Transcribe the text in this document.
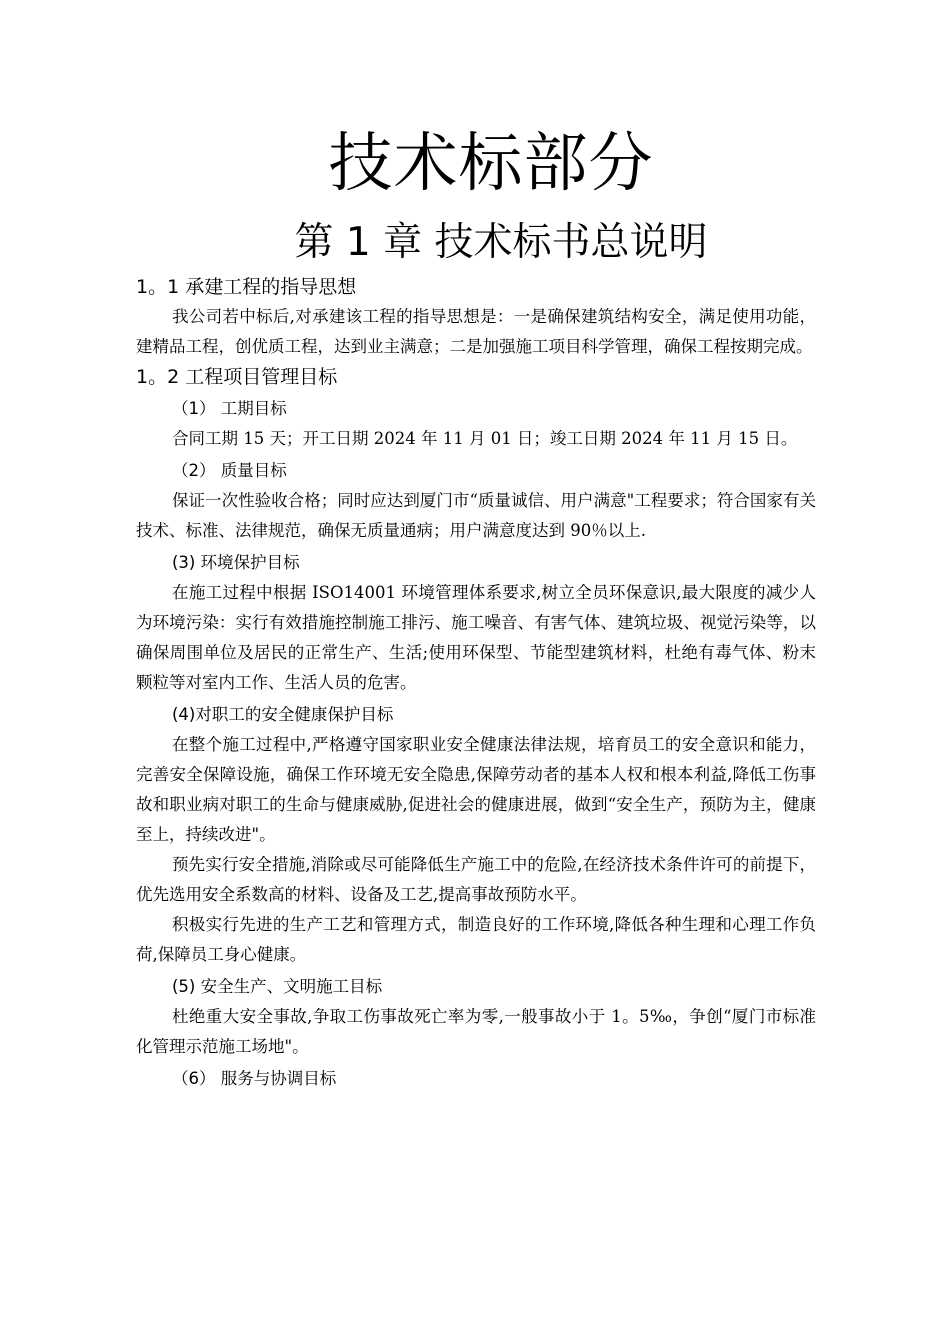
技术标部分
第 1 章 技术标书总说明
1。1 承建工程的指导思想

我公司若中标后,对承建该工程的指导思想是：一是确保建筑结构安全，满足使用功能，建精品工程，创优质工程，达到业主满意；二是加强施工项目科学管理，确保工程按期完成。

1。2 工程项目管理目标
（1） 工期目标

合同工期 15 天；开工日期 2024 年 11 月 01 日；竣工日期 2024 年 11 月 15 日。

（2） 质量目标

保证一次性验收合格；同时应达到厦门市“质量诚信、用户满意"工程要求；符合国家有关技术、标准、法律规范，确保无质量通病；用户满意度达到 90％以上.

(3) 环境保护目标

在施工过程中根据 ISO14001 环境管理体系要求,树立全员环保意识,最大限度的减少人为环境污染：实行有效措施控制施工排污、施工噪音、有害气体、建筑垃圾、视觉污染等，以确保周围单位及居民的正常生产、生活;使用环保型、节能型建筑材料，杜绝有毒气体、粉末颗粒等对室内工作、生活人员的危害。

(4)对职工的安全健康保护目标

在整个施工过程中,严格遵守国家职业安全健康法律法规，培育员工的安全意识和能力，完善安全保障设施，确保工作环境无安全隐患,保障劳动者的基本人权和根本利益,降低工伤事故和职业病对职工的生命与健康威胁,促进社会的健康进展，做到“安全生产，预防为主，健康至上，持续改进"。

预先实行安全措施,消除或尽可能降低生产施工中的危险,在经济技术条件许可的前提下，优先选用安全系数高的材料、设备及工艺,提高事故预防水平。

积极实行先进的生产工艺和管理方式，制造良好的工作环境,降低各种生理和心理工作负荷,保障员工身心健康。

(5) 安全生产、文明施工目标

杜绝重大安全事故,争取工伤事故死亡率为零,一般事故小于 1。5‰，争创“厦门市标准化管理示范施工场地"。

（6） 服务与协调目标
